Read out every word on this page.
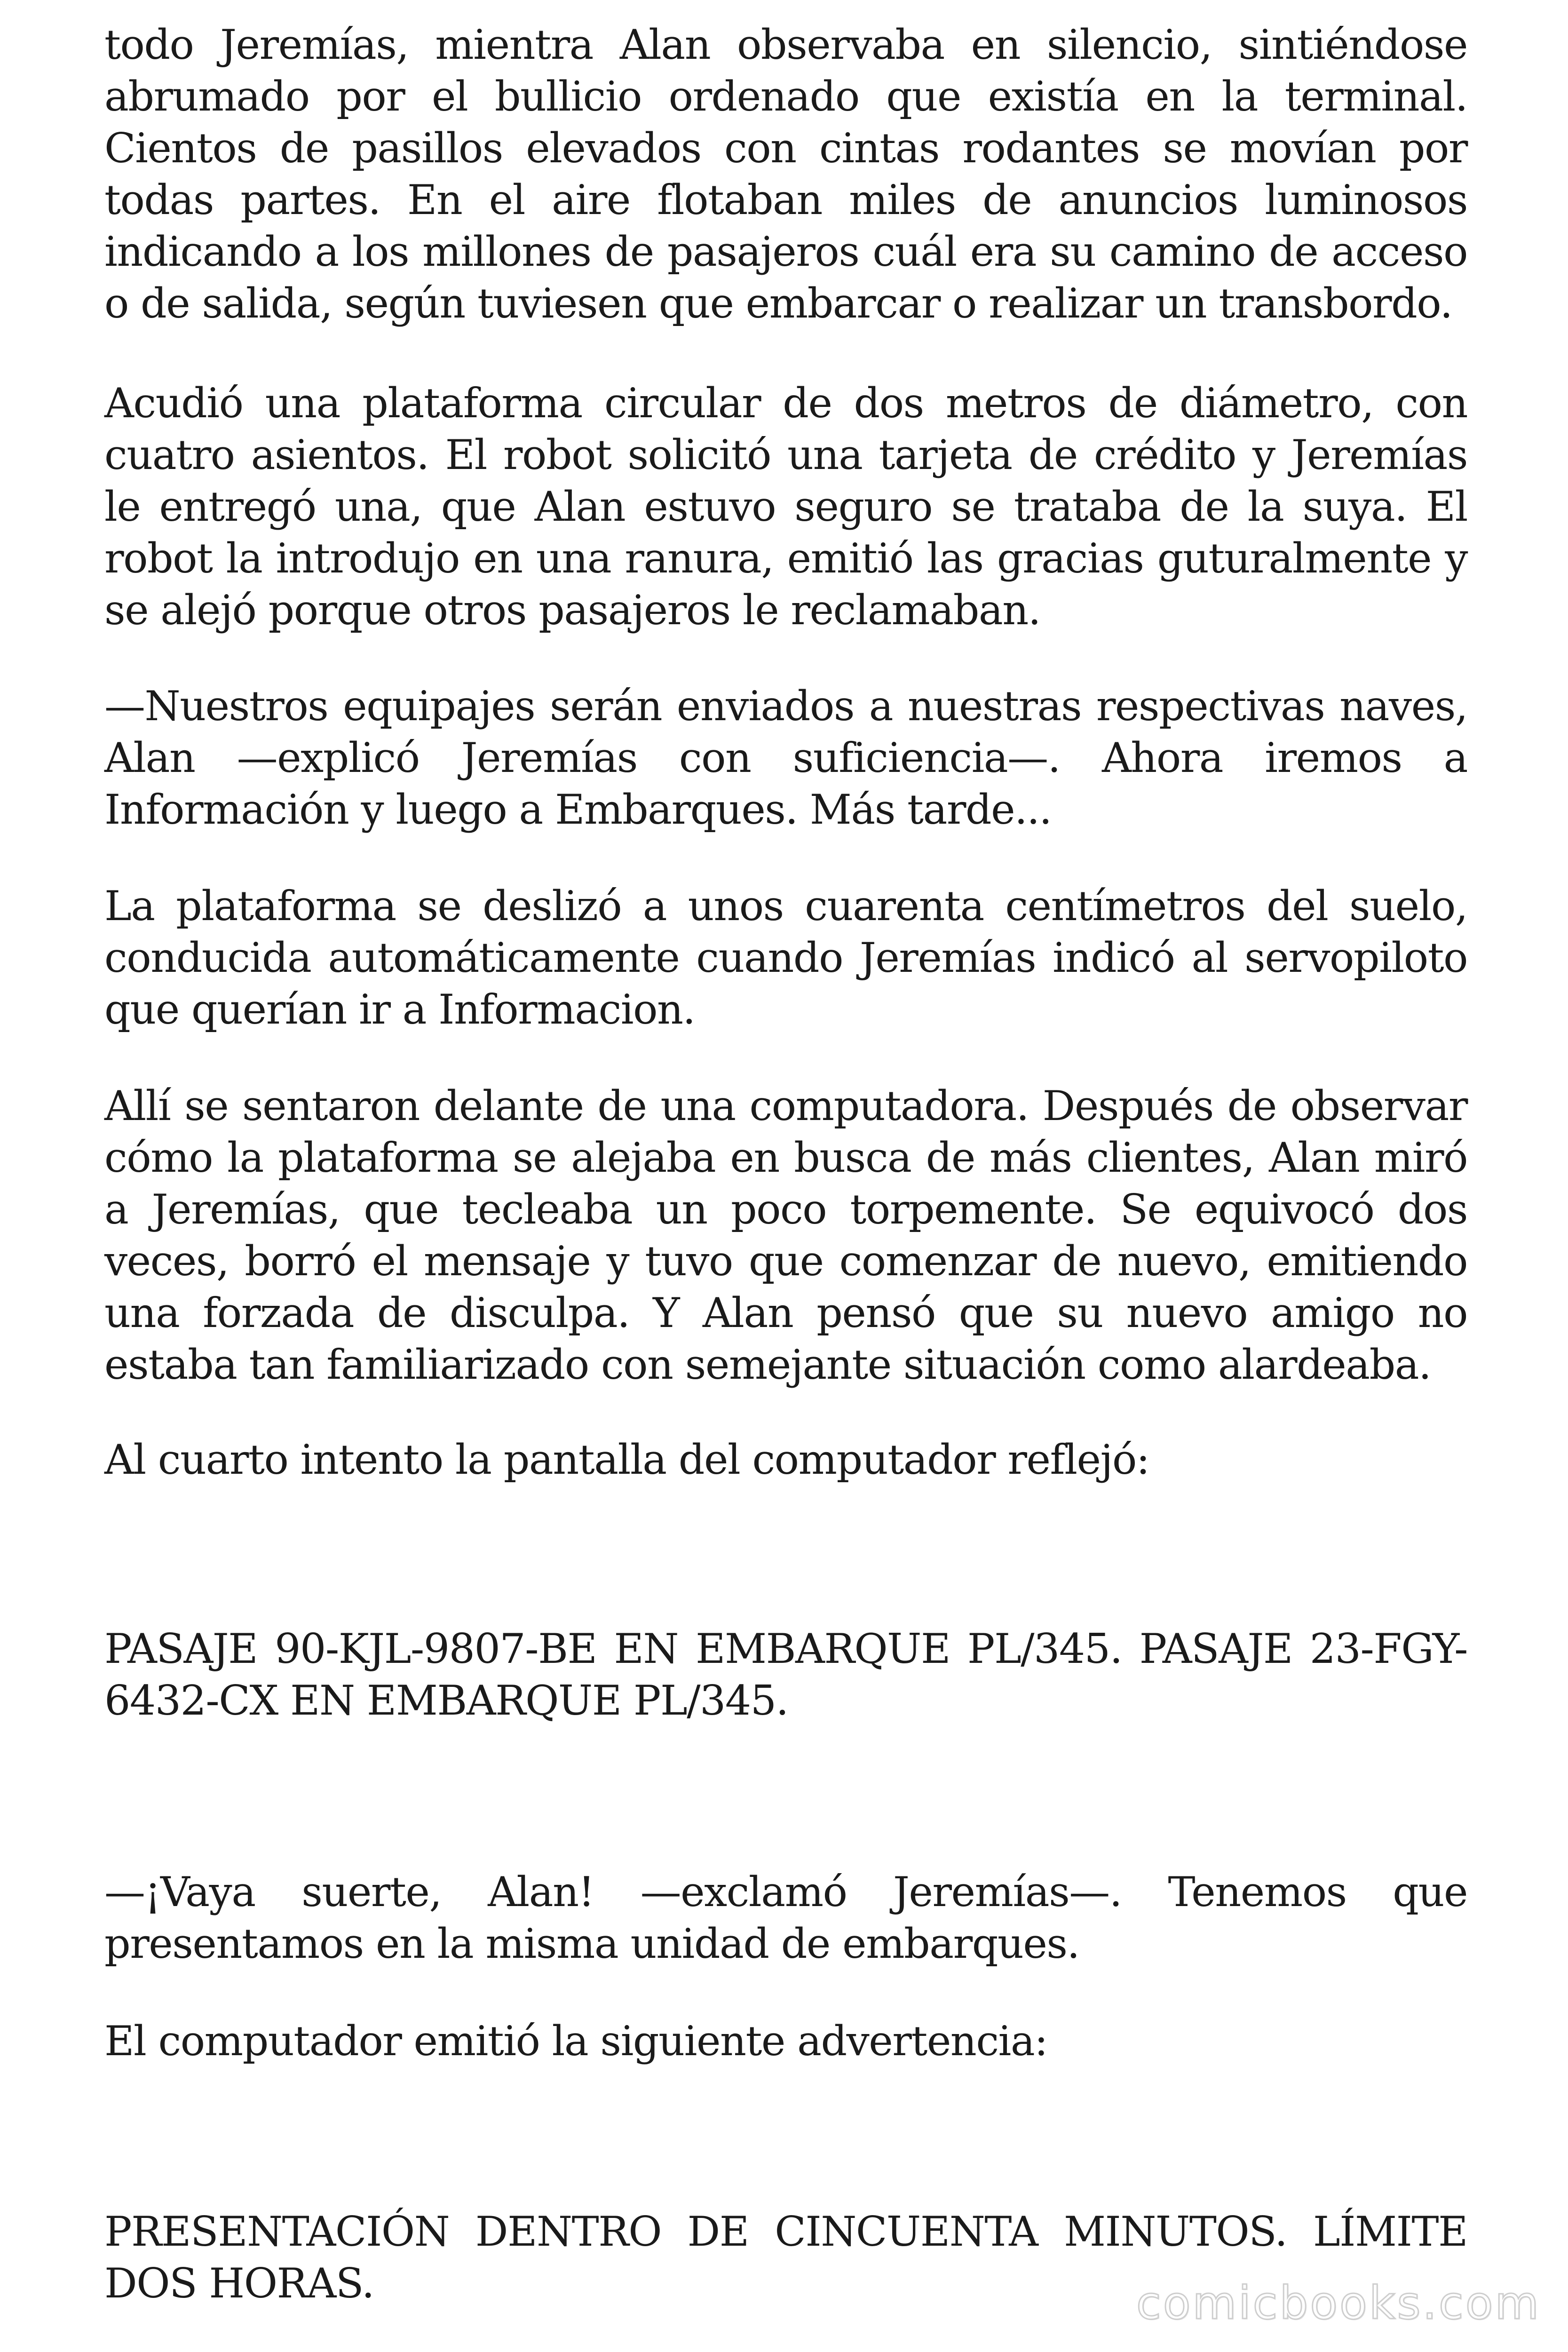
todo Jeremías, mientra Alan observaba en silencio, sintiéndose abrumado por el bullicio ordenado que existía en la terminal. Cientos de pasillos elevados con cintas rodantes se movían por todas partes. En el aire flotaban miles de anuncios luminosos indicando a los millones de pasajeros cuál era su camino de acceso o de salida, según tuviesen que embarcar o realizar un transbordo.

Acudió una plataforma circular de dos metros de diámetro, con cuatro asientos. El robot solicitó una tarjeta de crédito y Jeremías le entregó una, que Alan estuvo seguro se trataba de la suya. El robot la introdujo en una ranura, emitió las gracias guturalmente y se alejó porque otros pasajeros le reclamaban.

—Nuestros equipajes serán enviados a nuestras respectivas naves, Alan —explicó Jeremías con suficiencia—. Ahora iremos a Información y luego a Embarques. Más tarde...

La plataforma se deslizó a unos cuarenta centímetros del suelo, conducida automáticamente cuando Jeremías indicó al servopiloto que querían ir a Informacion.

Allí se sentaron delante de una computadora. Después de observar cómo la plataforma se alejaba en busca de más clientes, Alan miró a Jeremías, que tecleaba un poco torpemente. Se equivocó dos veces, borró el mensaje y tuvo que comenzar de nuevo, emitiendo una forzada de disculpa. Y Alan pensó que su nuevo amigo no estaba tan familiarizado con semejante situación como alardeaba.

Al cuarto intento la pantalla del computador reflejó:

PASAJE 90-KJL-9807-BE EN EMBARQUE PL/345. PASAJE 23-FGY-6432-CX EN EMBARQUE PL/345.

—¡Vaya suerte, Alan! —exclamó Jeremías—. Tenemos que presentamos en la misma unidad de embarques.

El computador emitió la siguiente advertencia:

PRESENTACIÓN DENTRO DE CINCUENTA MINUTOS. LÍMITE DOS HORAS.	comicbooks.com
